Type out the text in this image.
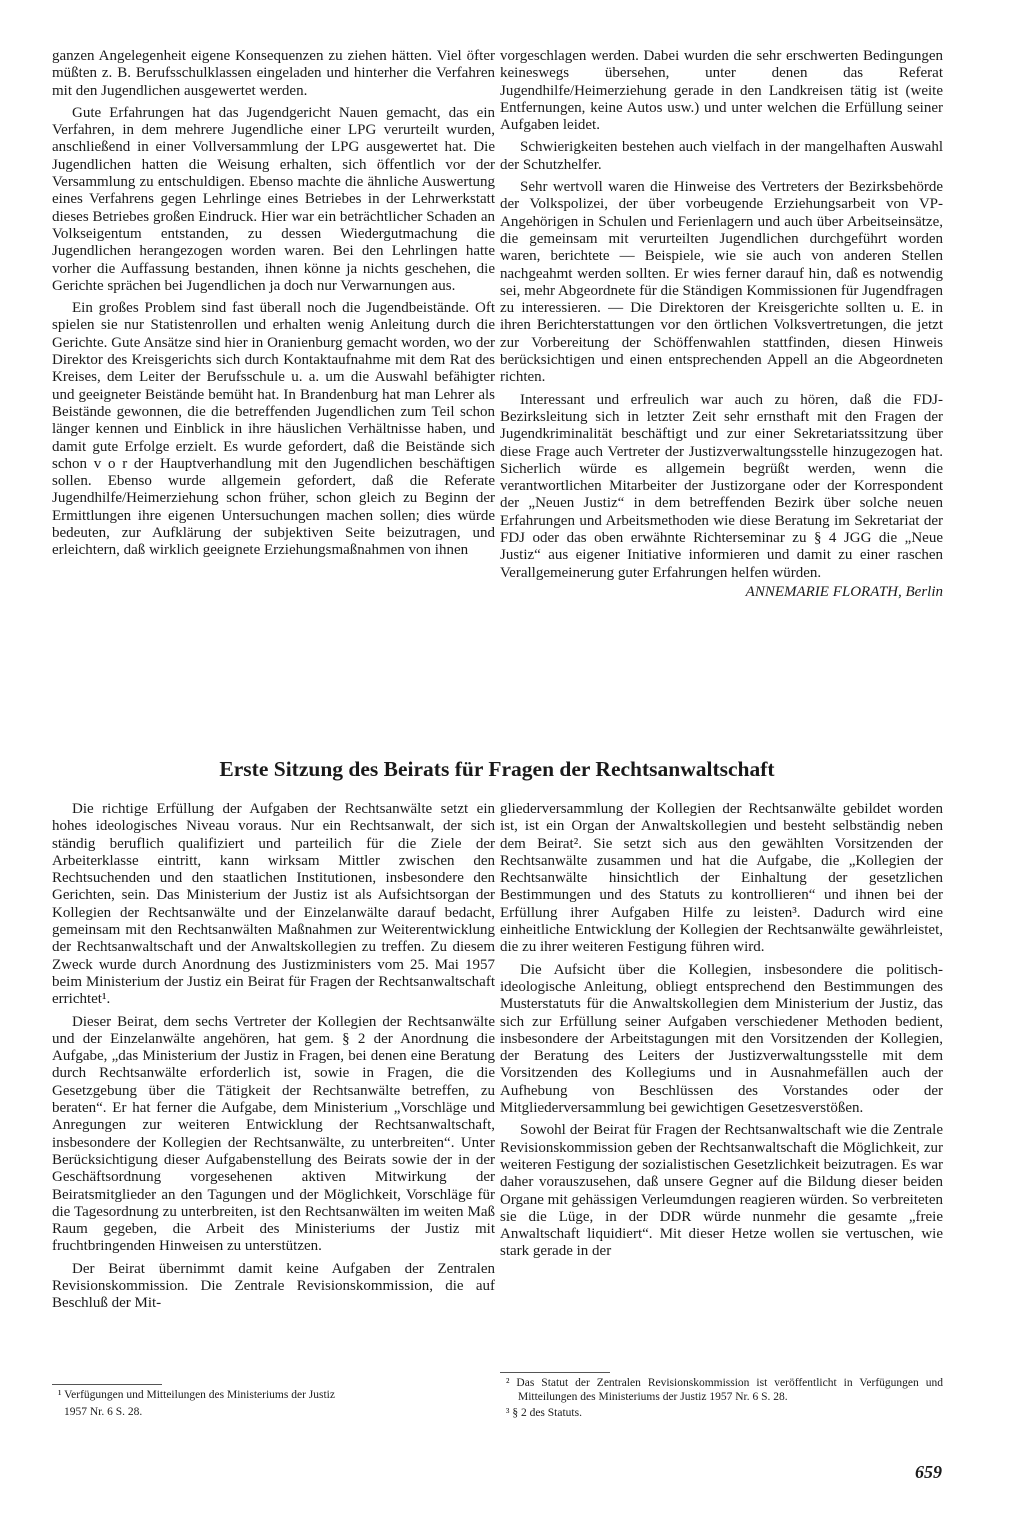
ganzen Angelegenheit eigene Konsequenzen zu ziehen hätten. Viel öfter müßten z. B. Berufsschulklassen eingeladen und hinterher die Verfahren mit den Jugendlichen ausgewertet werden.

Gute Erfahrungen hat das Jugendgericht Nauen gemacht, das ein Verfahren, in dem mehrere Jugendliche einer LPG verurteilt wurden, anschließend in einer Vollversammlung der LPG ausgewertet hat. Die Jugendlichen hatten die Weisung erhalten, sich öffentlich vor der Versammlung zu entschuldigen. Ebenso machte die ähnliche Auswertung eines Verfahrens gegen Lehrlinge eines Betriebes in der Lehrwerkstatt dieses Betriebes großen Eindruck. Hier war ein beträchtlicher Schaden an Volkseigentum entstanden, zu dessen Wiedergutmachung die Jugendlichen herangezogen worden waren. Bei den Lehrlingen hatte vorher die Auffassung bestanden, ihnen könne ja nichts geschehen, die Gerichte sprächen bei Jugendlichen ja doch nur Verwarnungen aus.

Ein großes Problem sind fast überall noch die Jugendbeistände. Oft spielen sie nur Statistenrollen und erhalten wenig Anleitung durch die Gerichte. Gute Ansätze sind hier in Oranienburg gemacht worden, wo der Direktor des Kreisgerichts sich durch Kontaktaufnahme mit dem Rat des Kreises, dem Leiter der Berufsschule u. a. um die Auswahl befähigter und geeigneter Beistände bemüht hat. In Brandenburg hat man Lehrer als Beistände gewonnen, die die betreffenden Jugendlichen zum Teil schon länger kennen und Einblick in ihre häuslichen Verhältnisse haben, und damit gute Erfolge erzielt. Es wurde gefordert, daß die Beistände sich schon v o r der Hauptverhandlung mit den Jugendlichen beschäftigen sollen. Ebenso wurde allgemein gefordert, daß die Referate Jugendhilfe/Heimerziehung schon früher, schon gleich zu Beginn der Ermittlungen ihre eigenen Untersuchungen machen sollen; dies würde bedeuten, zur Aufklärung der subjektiven Seite beizutragen, und erleichtern, daß wirklich geeignete Erziehungsmaßnahmen von ihnen

vorgeschlagen werden. Dabei wurden die sehr erschwerten Bedingungen keineswegs übersehen, unter denen das Referat Jugendhilfe/Heimerziehung gerade in den Landkreisen tätig ist (weite Entfernungen, keine Autos usw.) und unter welchen die Erfüllung seiner Aufgaben leidet.

Schwierigkeiten bestehen auch vielfach in der mangelhaften Auswahl der Schutzhelfer.

Sehr wertvoll waren die Hinweise des Vertreters der Bezirksbehörde der Volkspolizei, der über vorbeugende Erziehungsarbeit von VP-Angehörigen in Schulen und Ferienlagern und auch über Arbeitseinsätze, die gemeinsam mit verurteilten Jugendlichen durchgeführt worden waren, berichtete — Beispiele, wie sie auch von anderen Stellen nachgeahmt werden sollten. Er wies ferner darauf hin, daß es notwendig sei, mehr Abgeordnete für die Ständigen Kommissionen für Jugendfragen zu interessieren. — Die Direktoren der Kreisgerichte sollten u. E. in ihren Berichterstattungen vor den örtlichen Volksvertretungen, die jetzt zur Vorbereitung der Schöffenwahlen stattfinden, diesen Hinweis berücksichtigen und einen entsprechenden Appell an die Abgeordneten richten.

Interessant und erfreulich war auch zu hören, daß die FDJ-Bezirksleitung sich in letzter Zeit sehr ernsthaft mit den Fragen der Jugendkriminalität beschäftigt und zur einer Sekretariatssitzung über diese Frage auch Vertreter der Justizverwaltungsstelle hinzugezogen hat. Sicherlich würde es allgemein begrüßt werden, wenn die verantwortlichen Mitarbeiter der Justizorgane oder der Korrespondent der „Neuen Justiz“ in dem betreffenden Bezirk über solche neuen Erfahrungen und Arbeitsmethoden wie diese Beratung im Sekretariat der FDJ oder das oben erwähnte Richterseminar zu § 4 JGG die „Neue Justiz“ aus eigener Initiative informieren und damit zu einer raschen Verallgemeinerung guter Erfahrungen helfen würden.

ANNEMARIE FLORATH, Berlin

Erste Sitzung des Beirats für Fragen der Rechtsanwaltschaft

Die richtige Erfüllung der Aufgaben der Rechtsanwälte setzt ein hohes ideologisches Niveau voraus. Nur ein Rechtsanwalt, der sich ständig beruflich qualifiziert und parteilich für die Ziele der Arbeiterklasse eintritt, kann wirksam Mittler zwischen den Rechtsuchenden und den staatlichen Institutionen, insbesondere den Gerichten, sein. Das Ministerium der Justiz ist als Aufsichtsorgan der Kollegien der Rechtsanwälte und der Einzelanwälte darauf bedacht, gemeinsam mit den Rechtsanwälten Maßnahmen zur Weiterentwicklung der Rechtsanwaltschaft und der Anwaltskollegien zu treffen. Zu diesem Zweck wurde durch Anordnung des Justizministers vom 25. Mai 1957 beim Ministerium der Justiz ein Beirat für Fragen der Rechtsanwaltschaft errichtet¹.

Dieser Beirat, dem sechs Vertreter der Kollegien der Rechtsanwälte und der Einzelanwälte angehören, hat gem. § 2 der Anordnung die Aufgabe, „das Ministerium der Justiz in Fragen, bei denen eine Beratung durch Rechtsanwälte erforderlich ist, sowie in Fragen, die die Gesetzgebung über die Tätigkeit der Rechtsanwälte betreffen, zu beraten“. Er hat ferner die Aufgabe, dem Ministerium „Vorschläge und Anregungen zur weiteren Entwicklung der Rechtsanwaltschaft, insbesondere der Kollegien der Rechtsanwälte, zu unterbreiten“. Unter Berücksichtigung dieser Aufgabenstellung des Beirats sowie der in der Geschäftsordnung vorgesehenen aktiven Mitwirkung der Beiratsmitglieder an den Tagungen und der Möglichkeit, Vorschläge für die Tagesordnung zu unterbreiten, ist den Rechtsanwälten im weiten Maß Raum gegeben, die Arbeit des Ministeriums der Justiz mit fruchtbringenden Hinweisen zu unterstützen.

Der Beirat übernimmt damit keine Aufgaben der Zentralen Revisionskommission. Die Zentrale Revisionskommission, die auf Beschluß der Mit-

gliederversammlung der Kollegien der Rechtsanwälte gebildet worden ist, ist ein Organ der Anwaltskollegien und besteht selbständig neben dem Beirat². Sie setzt sich aus den gewählten Vorsitzenden der Rechtsanwälte zusammen und hat die Aufgabe, die „Kollegien der Rechtsanwälte hinsichtlich der Einhaltung der gesetzlichen Bestimmungen und des Statuts zu kontrollieren“ und ihnen bei der Erfüllung ihrer Aufgaben Hilfe zu leisten³. Dadurch wird eine einheitliche Entwicklung der Kollegien der Rechtsanwälte gewährleistet, die zu ihrer weiteren Festigung führen wird.

Die Aufsicht über die Kollegien, insbesondere die politisch-ideologische Anleitung, obliegt entsprechend den Bestimmungen des Musterstatuts für die Anwaltskollegien dem Ministerium der Justiz, das sich zur Erfüllung seiner Aufgaben verschiedener Methoden bedient, insbesondere der Arbeitstagungen mit den Vorsitzenden der Kollegien, der Beratung des Leiters der Justizverwaltungsstelle mit dem Vorsitzenden des Kollegiums und in Ausnahmefällen auch der Aufhebung von Beschlüssen des Vorstandes oder der Mitgliederversammlung bei gewichtigen Gesetzesverstößen.

Sowohl der Beirat für Fragen der Rechtsanwaltschaft wie die Zentrale Revisionskommission geben der Rechtsanwaltschaft die Möglichkeit, zur weiteren Festigung der sozialistischen Gesetzlichkeit beizutragen. Es war daher vorauszusehen, daß unsere Gegner auf die Bildung dieser beiden Organe mit gehässigen Verleumdungen reagieren würden. So verbreiteten sie die Lüge, in der DDR würde nunmehr die gesamte „freie Anwaltschaft liquidiert“. Mit dieser Hetze wollen sie vertuschen, wie stark gerade in der

¹ Verfügungen und Mitteilungen des Ministeriums der Justiz

1957 Nr. 6 S. 28.

² Das Statut der Zentralen Revisionskommission ist veröffentlicht in Verfügungen und Mitteilungen des Ministeriums der Justiz 1957 Nr. 6 S. 28.

³ § 2 des Statuts.

659
